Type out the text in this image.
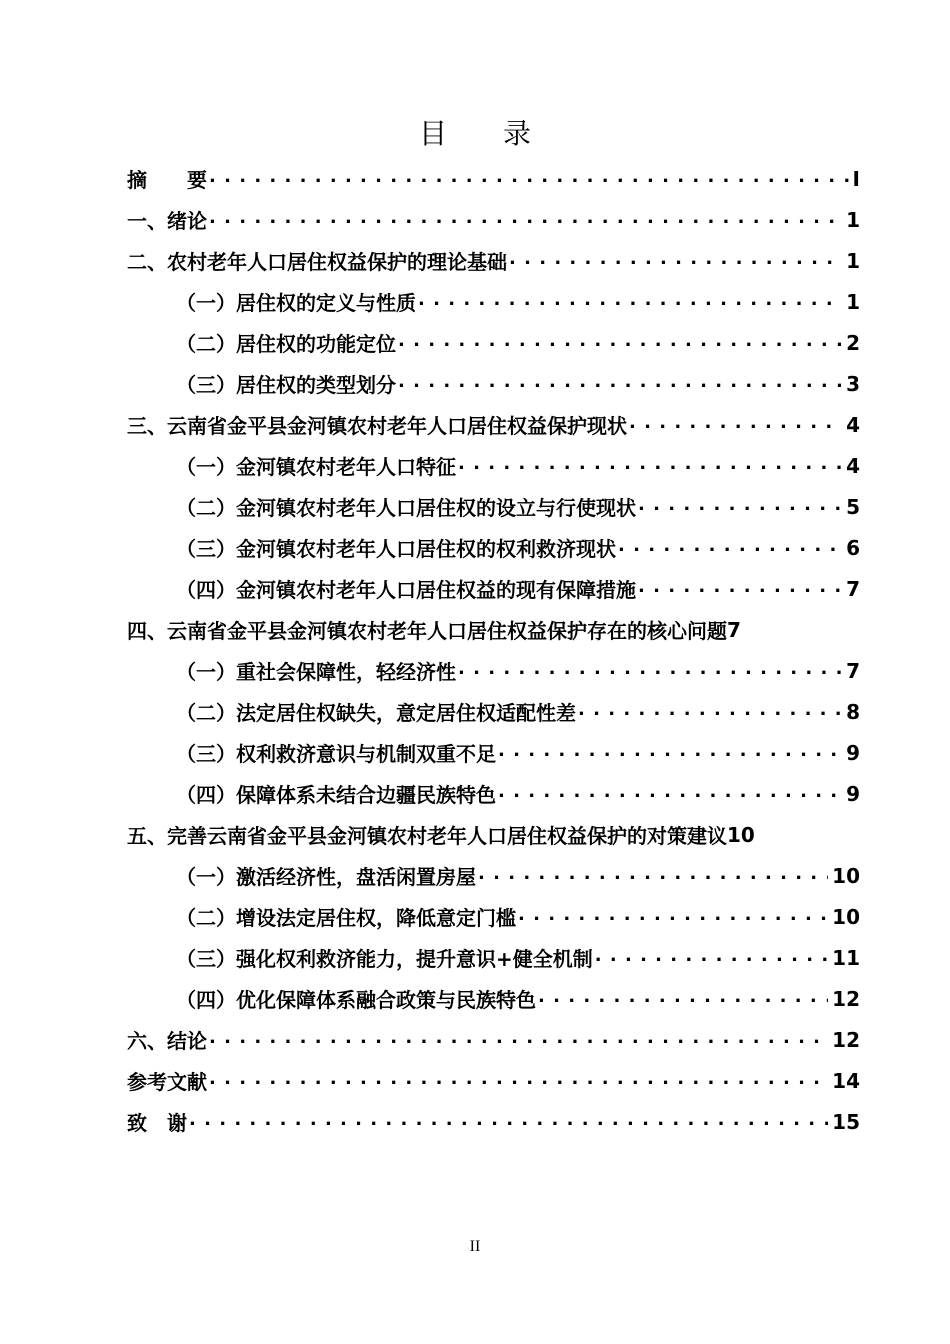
目 录
摘　　要 . . .	I
一、绪论 . . .	1
二、农村老年人口居住权益保护的理论基础 . . .	1
（一）居住权的定义与性质 . . .	1
（二）居住权的功能定位 . . .	2
（三）居住权的类型划分 . . .	3
三、云南省金平县金河镇农村老年人口居住权益保护现状 . . .	4
（一）金河镇农村老年人口特征 . . .	4
（二）金河镇农村老年人口居住权的设立与行使现状 . . .	5
（三）金河镇农村老年人口居住权的权利救济现状 . . .	6
（四）金河镇农村老年人口居住权益的现有保障措施 . . .	7
四、云南省金平县金河镇农村老年人口居住权益保护存在的核心问题 7
（一）重社会保障性，轻经济性 . . .	7
（二）法定居住权缺失，意定居住权适配性差 . . .	8
（三）权利救济意识与机制双重不足 . . .	9
（四）保障体系未结合边疆民族特色 . . .	9
五、完善云南省金平县金河镇农村老年人口居住权益保护的对策建议 10
（一）激活经济性，盘活闲置房屋 . . .	10
（二）增设法定居住权，降低意定门槛 . . .	10
（三）强化权利救济能力，提升意识+健全机制 . . .	11
（四）优化保障体系融合政策与民族特色 . . .	12
六、结论 . . .	12
参考文献 . . .	14
致　谢 . . .	15
II
